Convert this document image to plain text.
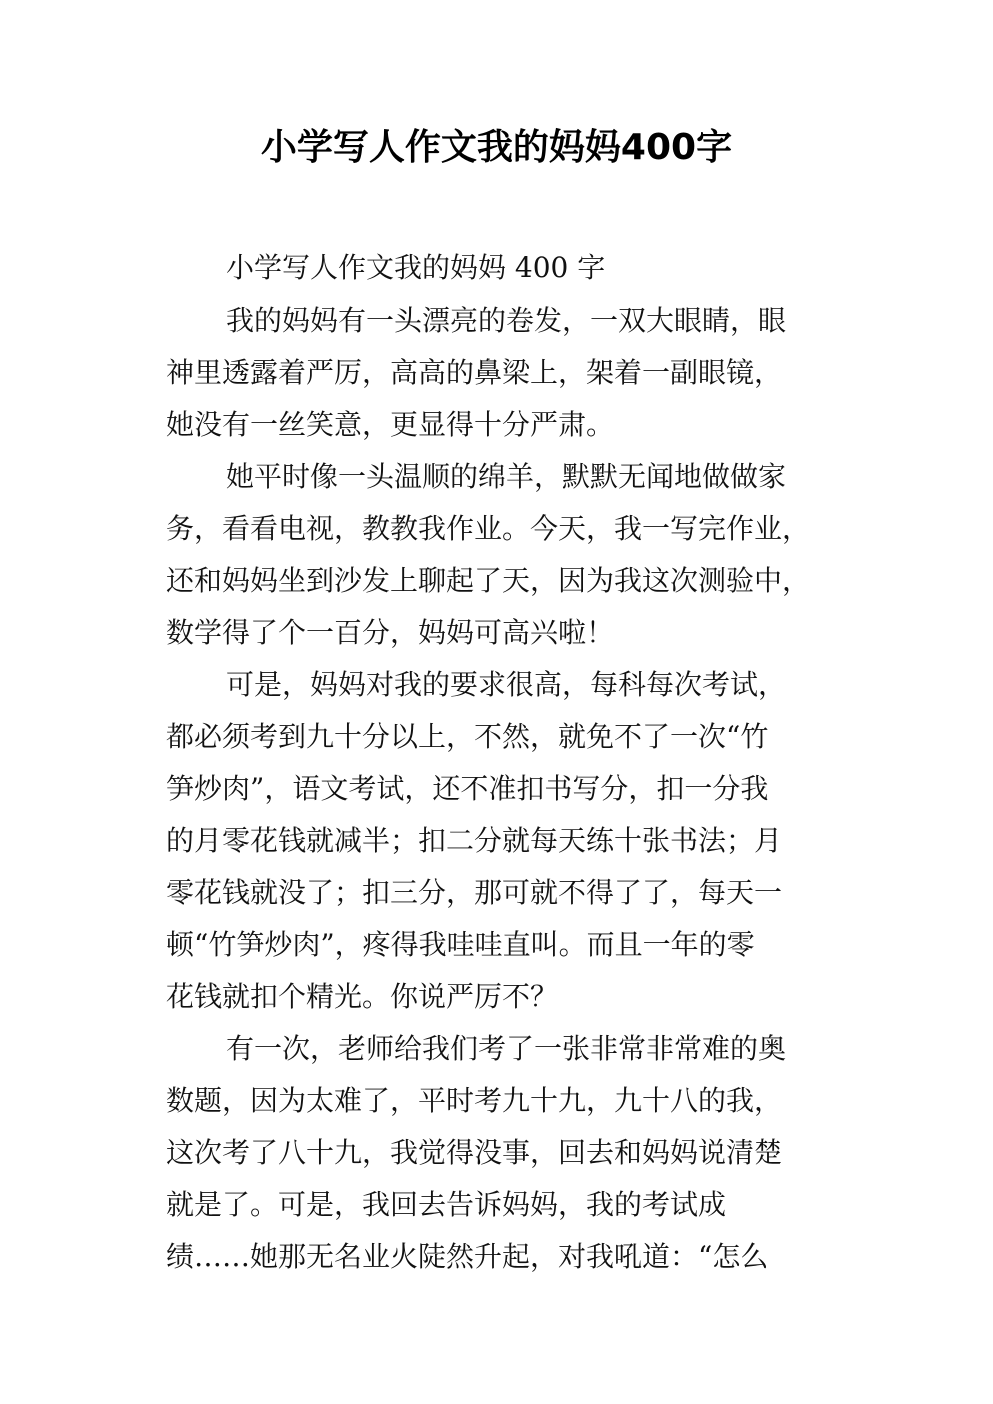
小学写人作文我的妈妈400字

小学写人作文我的妈妈 400 字

我的妈妈有一头漂亮的卷发，一双大眼睛，眼

神里透露着严厉，高高的鼻梁上，架着一副眼镜，

她没有一丝笑意，更显得十分严肃。

她平时像一头温顺的绵羊，默默无闻地做做家

务，看看电视，教教我作业。今天，我一写完作业，

还和妈妈坐到沙发上聊起了天，因为我这次测验中，

数学得了个一百分，妈妈可高兴啦！

可是，妈妈对我的要求很高，每科每次考试，

都必须考到九十分以上，不然，就免不了一次“竹

笋炒肉”，语文考试，还不准扣书写分，扣一分我

的月零花钱就减半；扣二分就每天练十张书法；月

零花钱就没了；扣三分，那可就不得了了，每天一

顿“竹笋炒肉”，疼得我哇哇直叫。而且一年的零

花钱就扣个精光。你说严厉不？

有一次，老师给我们考了一张非常非常难的奥

数题，因为太难了，平时考九十九，九十八的我，

这次考了八十九，我觉得没事，回去和妈妈说清楚

就是了。可是，我回去告诉妈妈，我的考试成

绩……她那无名业火陡然升起，对我吼道：“怎么
